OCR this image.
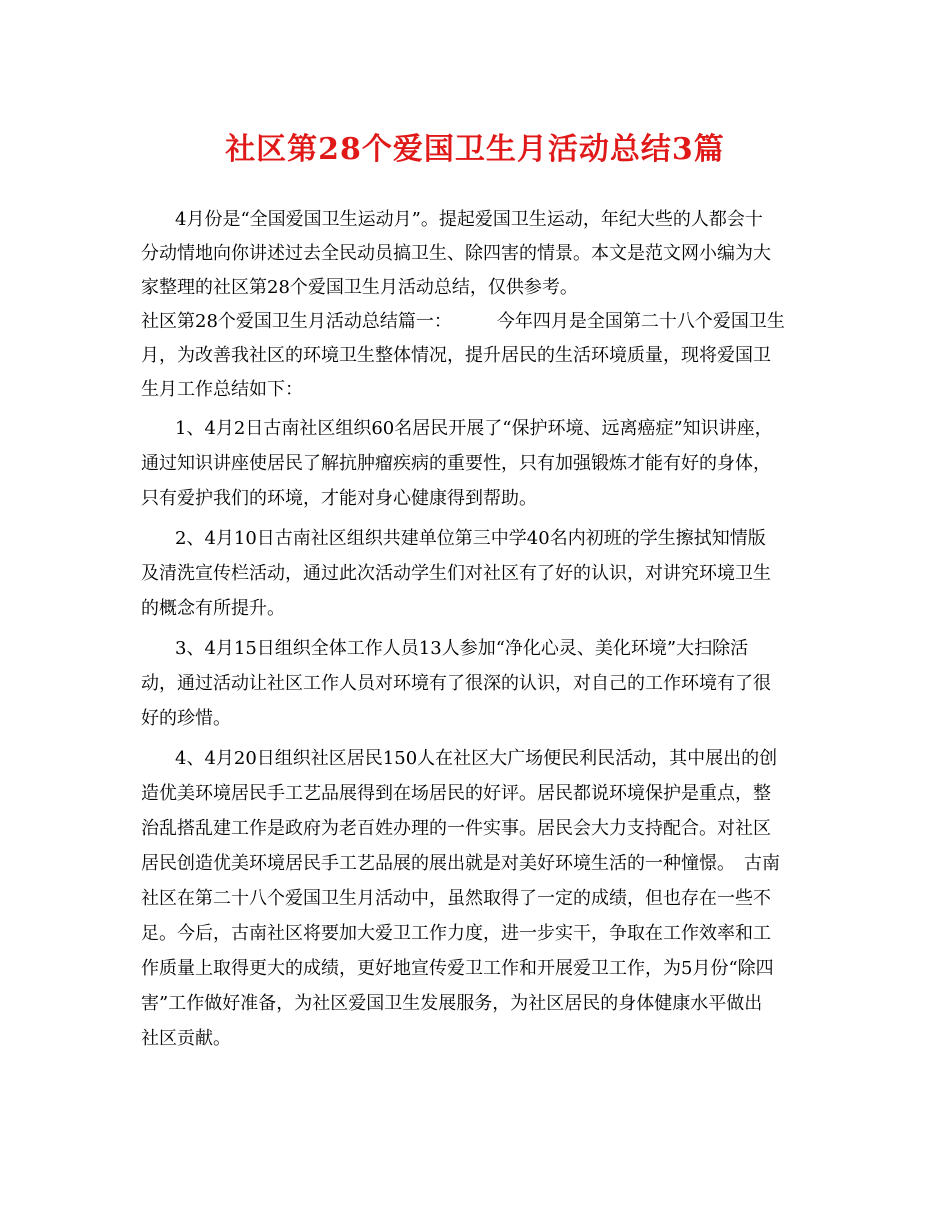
社区第28个爱国卫生月活动总结3篇
4月份是“全国爱国卫生运动月”。提起爱国卫生运动，年纪大些的人都会十
分动情地向你讲述过去全民动员搞卫生、除四害的情景。本文是范文网小编为大
家整理的社区第28个爱国卫生月活动总结，仅供参考。
社区第28个爱国卫生月活动总结篇一：　　　今年四月是全国第二十八个爱国卫生
月，为改善我社区的环境卫生整体情况，提升居民的生活环境质量，现将爱国卫
生月工作总结如下：
1、4月2日古南社区组织60名居民开展了“保护环境、远离癌症”知识讲座，
通过知识讲座使居民了解抗肿瘤疾病的重要性，只有加强锻炼才能有好的身体，
只有爱护我们的环境，才能对身心健康得到帮助。
2、4月10日古南社区组织共建单位第三中学40名内初班的学生擦拭知情版
及清洗宣传栏活动，通过此次活动学生们对社区有了好的认识，对讲究环境卫生
的概念有所提升。
3、4月15日组织全体工作人员13人参加“净化心灵、美化环境”大扫除活
动，通过活动让社区工作人员对环境有了很深的认识，对自己的工作环境有了很
好的珍惜。
4、4月20日组织社区居民150人在社区大广场便民利民活动，其中展出的创
造优美环境居民手工艺品展得到在场居民的好评。居民都说环境保护是重点，整
治乱搭乱建工作是政府为老百姓办理的一件实事。居民会大力支持配合。对社区
居民创造优美环境居民手工艺品展的展出就是对美好环境生活的一种憧憬。　古南
社区在第二十八个爱国卫生月活动中，虽然取得了一定的成绩，但也存在一些不
足。今后，古南社区将要加大爱卫工作力度，进一步实干，争取在工作效率和工
作质量上取得更大的成绩，更好地宣传爱卫工作和开展爱卫工作，为5月份“除四
害”工作做好准备，为社区爱国卫生发展服务，为社区居民的身体健康水平做出
社区贡献。
